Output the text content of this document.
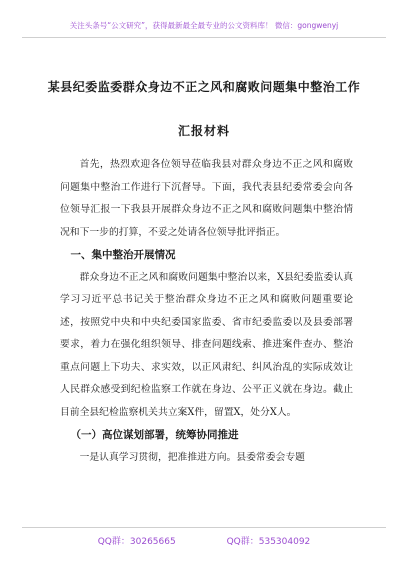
关注头条号“公文研究”，获得最新最全最专业的公文资料库！ 微信：gongwenyj
某县纪委监委群众身边不正之风和腐败问题集中整治工作
汇报材料

首先，热烈欢迎各位领导莅临我县对群众身边不正之风和腐败问题集中整治工作进行下沉督导。下面，我代表县纪委常委会向各位领导汇报一下我县开展群众身边不正之风和腐败问题集中整治情况和下一步的打算，不妥之处请各位领导批评指正。

一、集中整治开展情况

群众身边不正之风和腐败问题集中整治以来，X县纪委监委认真学习习近平总书记关于整治群众身边不正之风和腐败问题重要论述，按照党中央和中央纪委国家监委、省市纪委监委以及县委部署要求，着力在强化组织领导、排查问题线索、推进案件查办、整治重点问题上下功夫、求实效，以正风肃纪、纠风治乱的实际成效让人民群众感受到纪检监察工作就在身边、公平正义就在身边。截止目前全县纪检监察机关共立案X件，留置X，处分X人。

（一）高位谋划部署，统筹协同推进

一是认真学习贯彻，把准推进方向。县委常委会专题

QQ群：30265665	QQ群：535304092
